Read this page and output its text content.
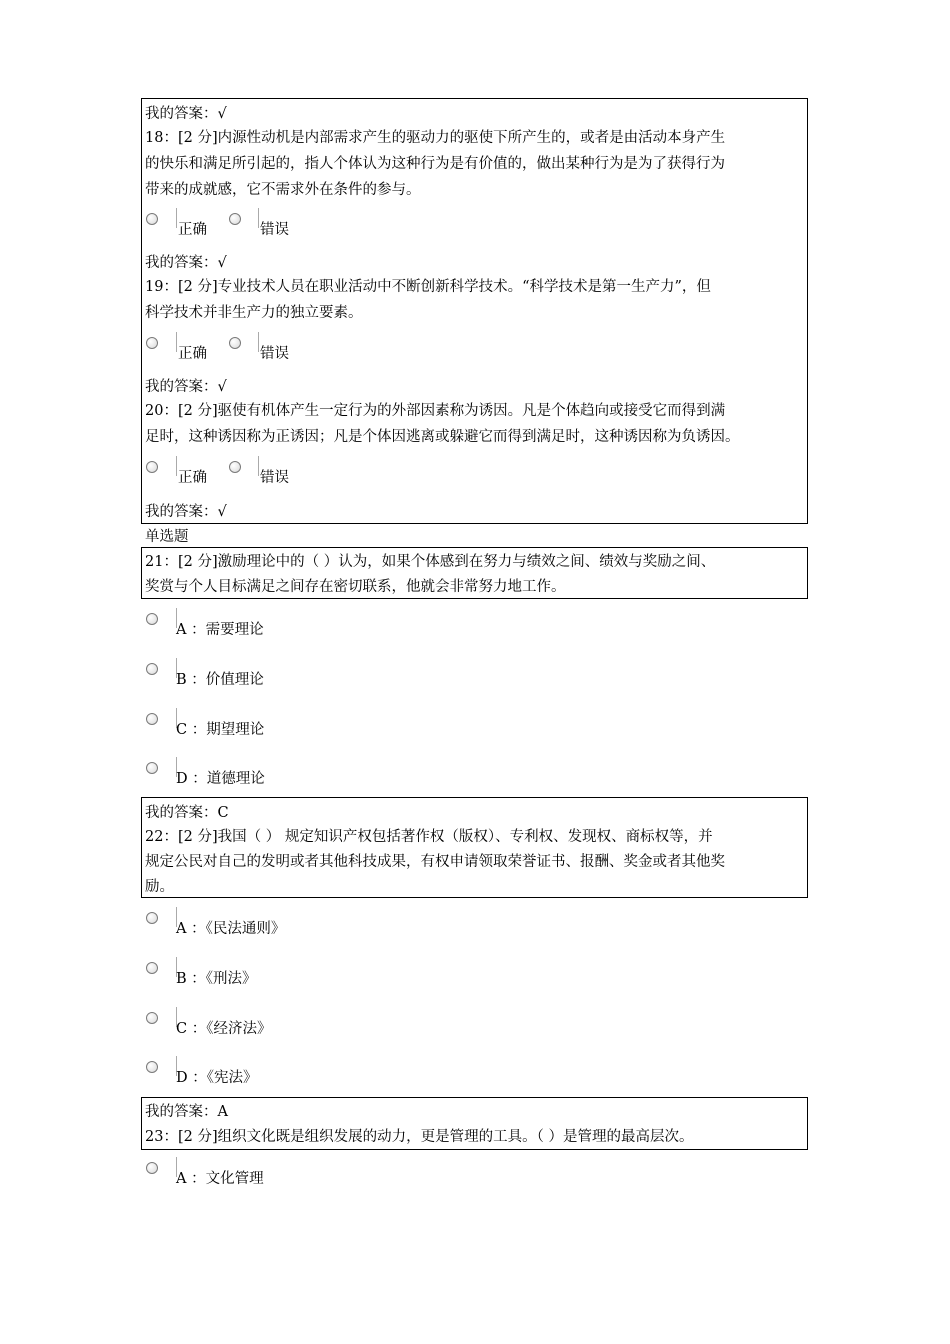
我的答案：√
18：[2 分]内源性动机是内部需求产生的驱动力的驱使下所产生的，或者是由活动本身产生
的快乐和满足所引起的，指人个体认为这种行为是有价值的，做出某种行为是为了获得行为
带来的成就感，它不需求外在条件的参与。
正确	错误
我的答案：√
19：[2 分]专业技术人员在职业活动中不断创新科学技术。“科学技术是第一生产力”，但
科学技术并非生产力的独立要素。
正确	错误
我的答案：√
20：[2 分]驱使有机体产生一定行为的外部因素称为诱因。凡是个体趋向或接受它而得到满
足时，这种诱因称为正诱因；凡是个体因逃离或躲避它而得到满足时，这种诱因称为负诱因。
正确	错误
我的答案：√
单选题
21：[2 分]激励理论中的（ ）认为，如果个体感到在努力与绩效之间、绩效与奖励之间、
奖赏与个人目标满足之间存在密切联系，他就会非常努力地工作。
A ：需要理论
B ：价值理论
C ：期望理论
D ：道德理论
我的答案：C
22：[2 分]我国（ ） 规定知识产权包括著作权（版权）、专利权、发现权、商标权等，并
规定公民对自己的发明或者其他科技成果，有权申请领取荣誉证书、报酬、奖金或者其他奖
励。
A ：《民法通则》
B ：《刑法》
C ：《经济法》
D ：《宪法》
我的答案：A
23：[2 分]组织文化既是组织发展的动力，更是管理的工具。（ ）是管理的最高层次。
A ：文化管理
